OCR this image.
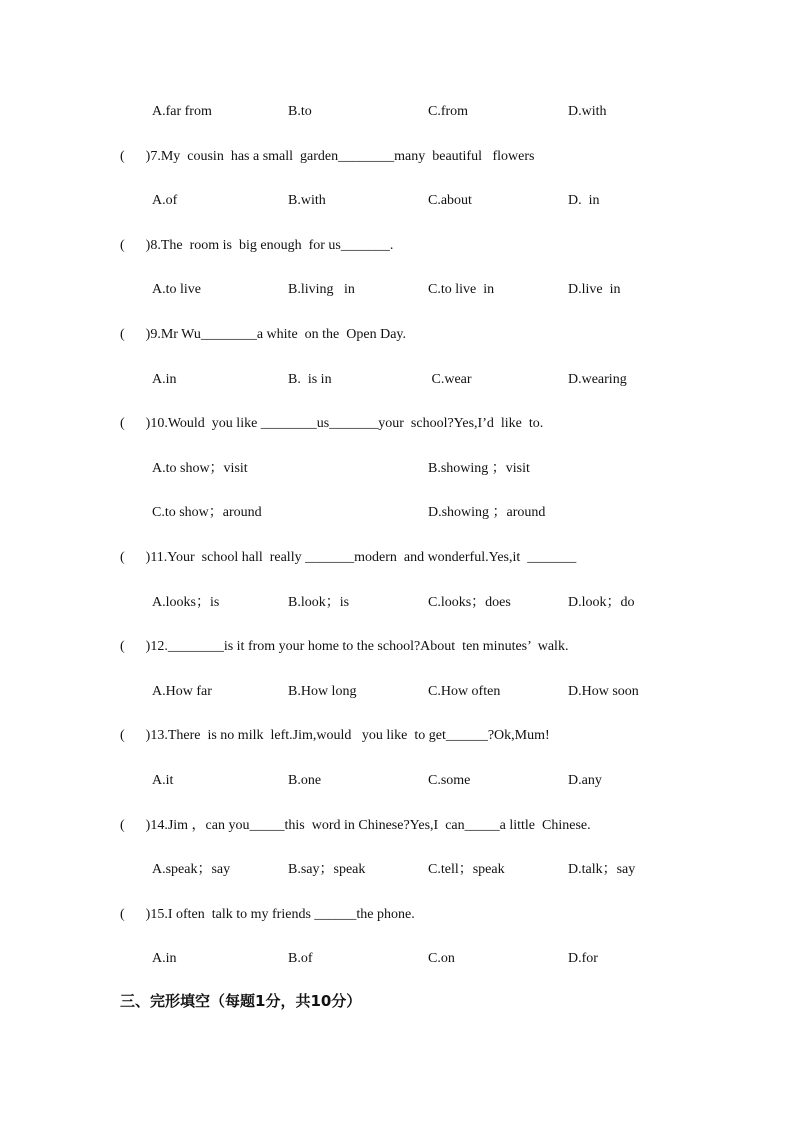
A.far from	B.to	C.from	D.with
(      )7.My  cousin  has a small  garden________many  beautiful   flowers
A.of	B.with	C.about	D.  in
(      )8.The  room is  big enough  for us_______.
A.to live	B.living   in	C.to live  in	D.live  in
(      )9.Mr Wu________a white  on the  Open Day.
A.in	B.  is in	C.wear	D.wearing
(      )10.Would  you like ________us_______your  school?Yes,I’d  like  to.
A.to show；visit	B.showing ；visit
C.to show；around	D.showing ；around
(      )11.Your  school hall  really _______modern  and wonderful.Yes,it  _______
A.looks；is	B.look；is	C.looks；does	D.look；do
(      )12.________is it from your home to the school?About  ten minutes’  walk.
A.How far	B.How long	C.How often	D.How soon
(      )13.There  is no milk  left.Jim,would   you like  to get______?Ok,Mum!
A.it	B.one	C.some	D.any
(      )14.Jim ，can you_____this  word in Chinese?Yes,I  can_____a little  Chinese.
A.speak；say	B.say；speak	C.tell；speak	D.talk；say
(      )15.I often  talk to my friends ______the phone.
A.in	B.of	C.on	D.for
三、完形填空（每题1分，共10分）
